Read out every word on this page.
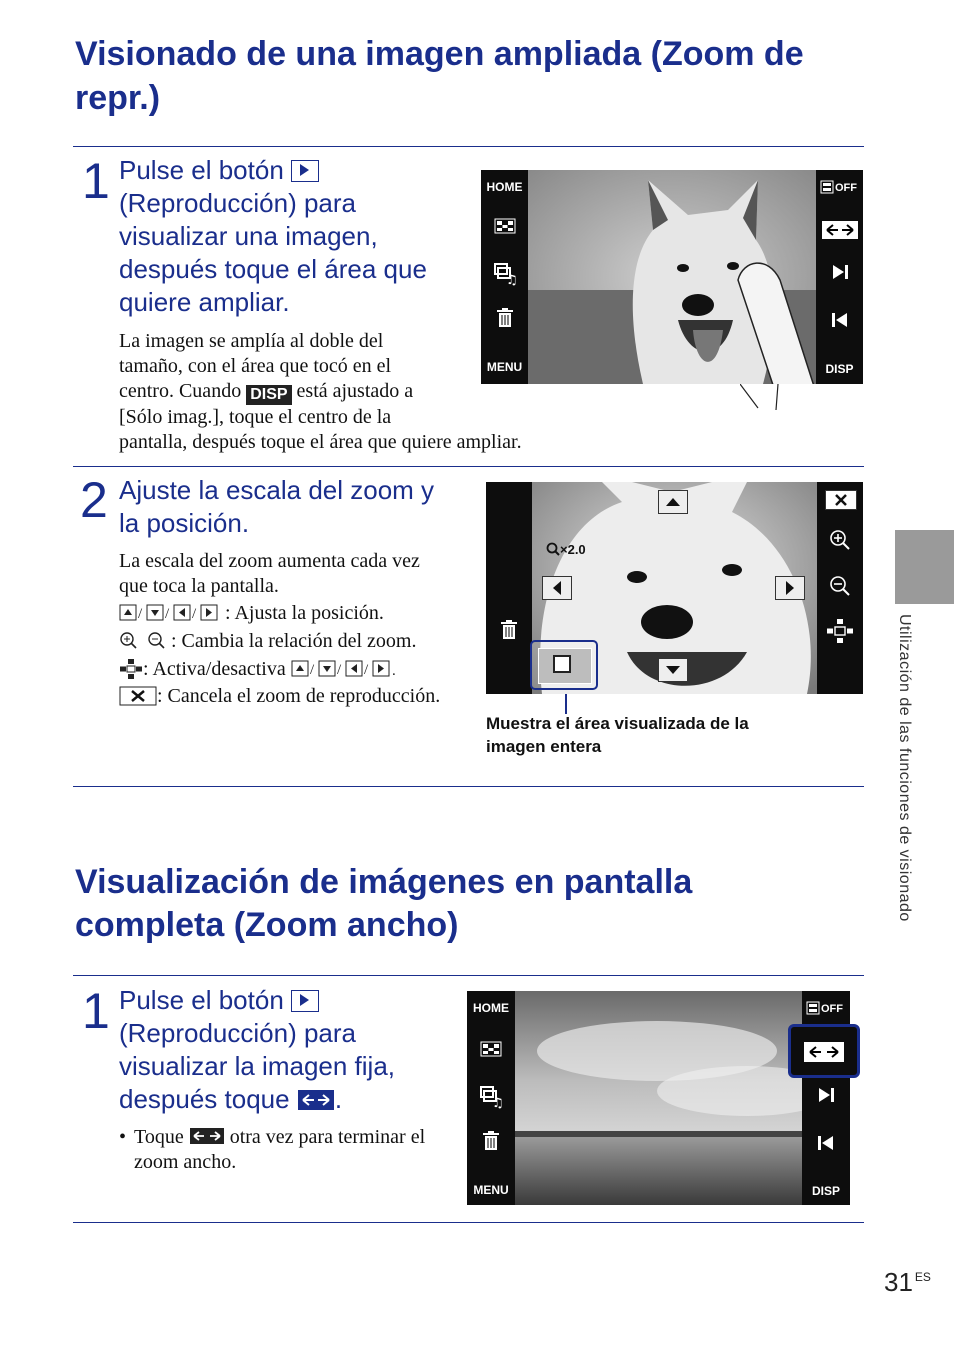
Visionado de una imagen ampliada (Zoom de
repr.)
1 Pulse el botón
(Reproducción) para
visualizar una imagen,
después toque el área que
quiere ampliar.
La imagen se amplía al doble del
tamaño, con el área que tocó en el
centro. Cuando DISP está ajustado a
[Sólo imag.], toque el centro de la
pantalla, después toque el área que quiere ampliar.
HOME
♫
MENU
OFF
DISP
2 Ajuste la escala del zoom y
la posición.
La escala del zoom aumenta cada vez
que toca la pantalla.
/ / / : Ajusta la posición.
: Cambia la relación del zoom.
: Activa/desactiva / / / .
: Cancela el zoom de reproducción.
×2.0
Muestra el área visualizada de la
imagen entera
Visualización de imágenes en pantalla
completa (Zoom ancho)
1 Pulse el botón
(Reproducción) para
visualizar la imagen fija,
después toque .
• Toque otra vez para terminar el
zoom ancho.
HOME
♫
MENU
OFF
DISP
Utilización de las funciones de visionado
31 $^{ES}$
